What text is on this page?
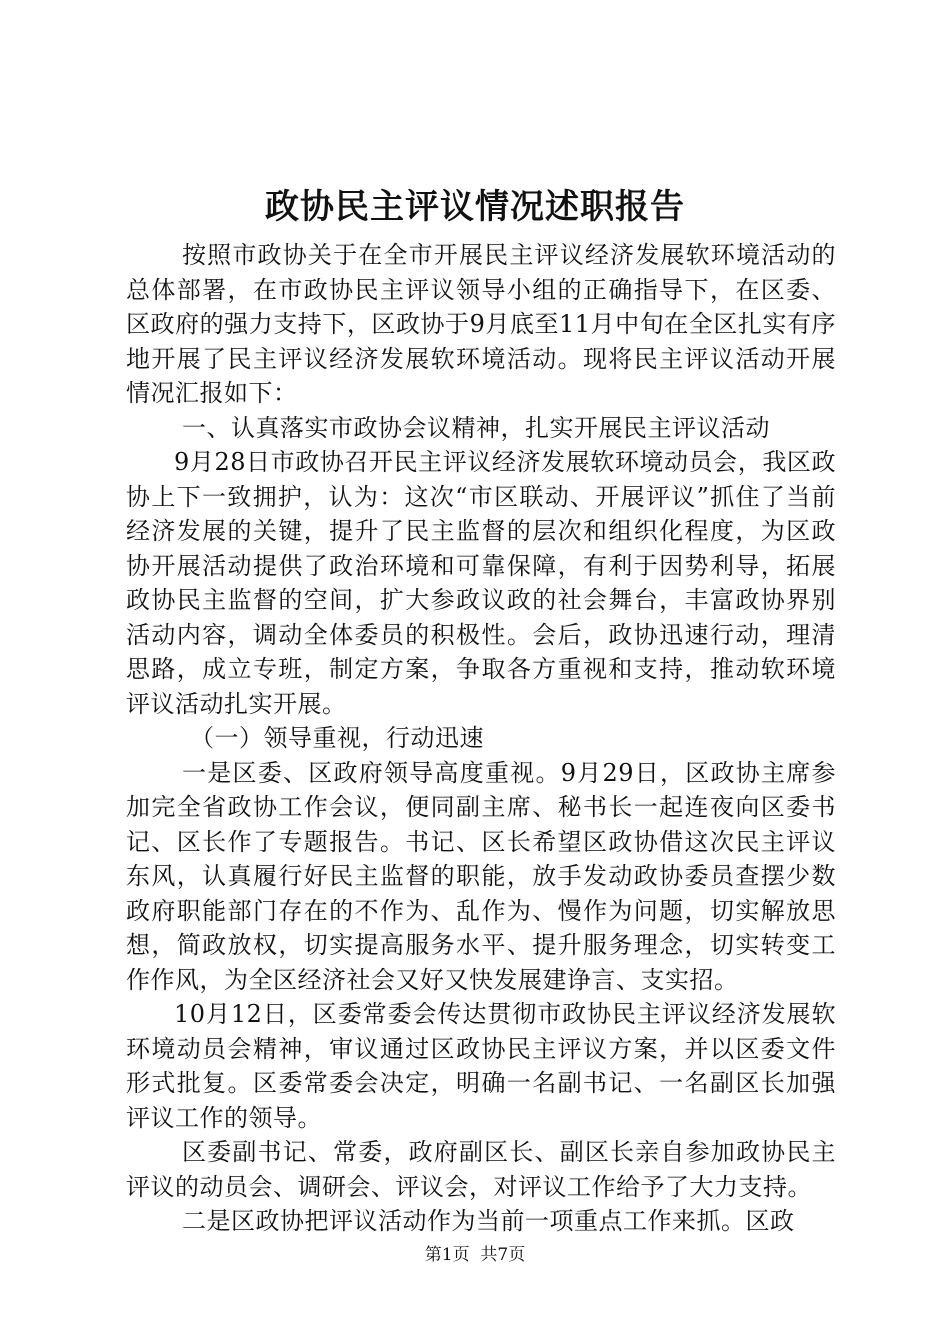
政协民主评议情况述职报告

按照市政协关于在全市开展民主评议经济发展软环境活动的总体部署，在市政协民主评议领导小组的正确指导下，在区委、区政府的强力支持下，区政协于9月底至11月中旬在全区扎实有序地开展了民主评议经济发展软环境活动。现将民主评议活动开展情况汇报如下：

一、认真落实市政协会议精神，扎实开展民主评议活动

9月28日市政协召开民主评议经济发展软环境动员会，我区政协上下一致拥护，认为：这次“市区联动、开展评议”抓住了当前经济发展的关键，提升了民主监督的层次和组织化程度，为区政协开展活动提供了政治环境和可靠保障，有利于因势利导，拓展政协民主监督的空间，扩大参政议政的社会舞台，丰富政协界别活动内容，调动全体委员的积极性。会后，政协迅速行动，理清思路，成立专班，制定方案，争取各方重视和支持，推动软环境评议活动扎实开展。

（一）领导重视，行动迅速

一是区委、区政府领导高度重视。9月29日，区政协主席参加完全省政协工作会议，便同副主席、秘书长一起连夜向区委书记、区长作了专题报告。书记、区长希望区政协借这次民主评议东风，认真履行好民主监督的职能，放手发动政协委员查摆少数政府职能部门存在的不作为、乱作为、慢作为问题，切实解放思想，简政放权，切实提高服务水平、提升服务理念，切实转变工作作风，为全区经济社会又好又快发展建诤言、支实招。

10月12日，区委常委会传达贯彻市政协民主评议经济发展软环境动员会精神，审议通过区政协民主评议方案，并以区委文件形式批复。区委常委会决定，明确一名副书记、一名副区长加强评议工作的领导。

区委副书记、常委，政府副区长、副区长亲自参加政协民主评议的动员会、调研会、评议会，对评议工作给予了大力支持。

二是区政协把评议活动作为当前一项重点工作来抓。区政

第1页  共7页
